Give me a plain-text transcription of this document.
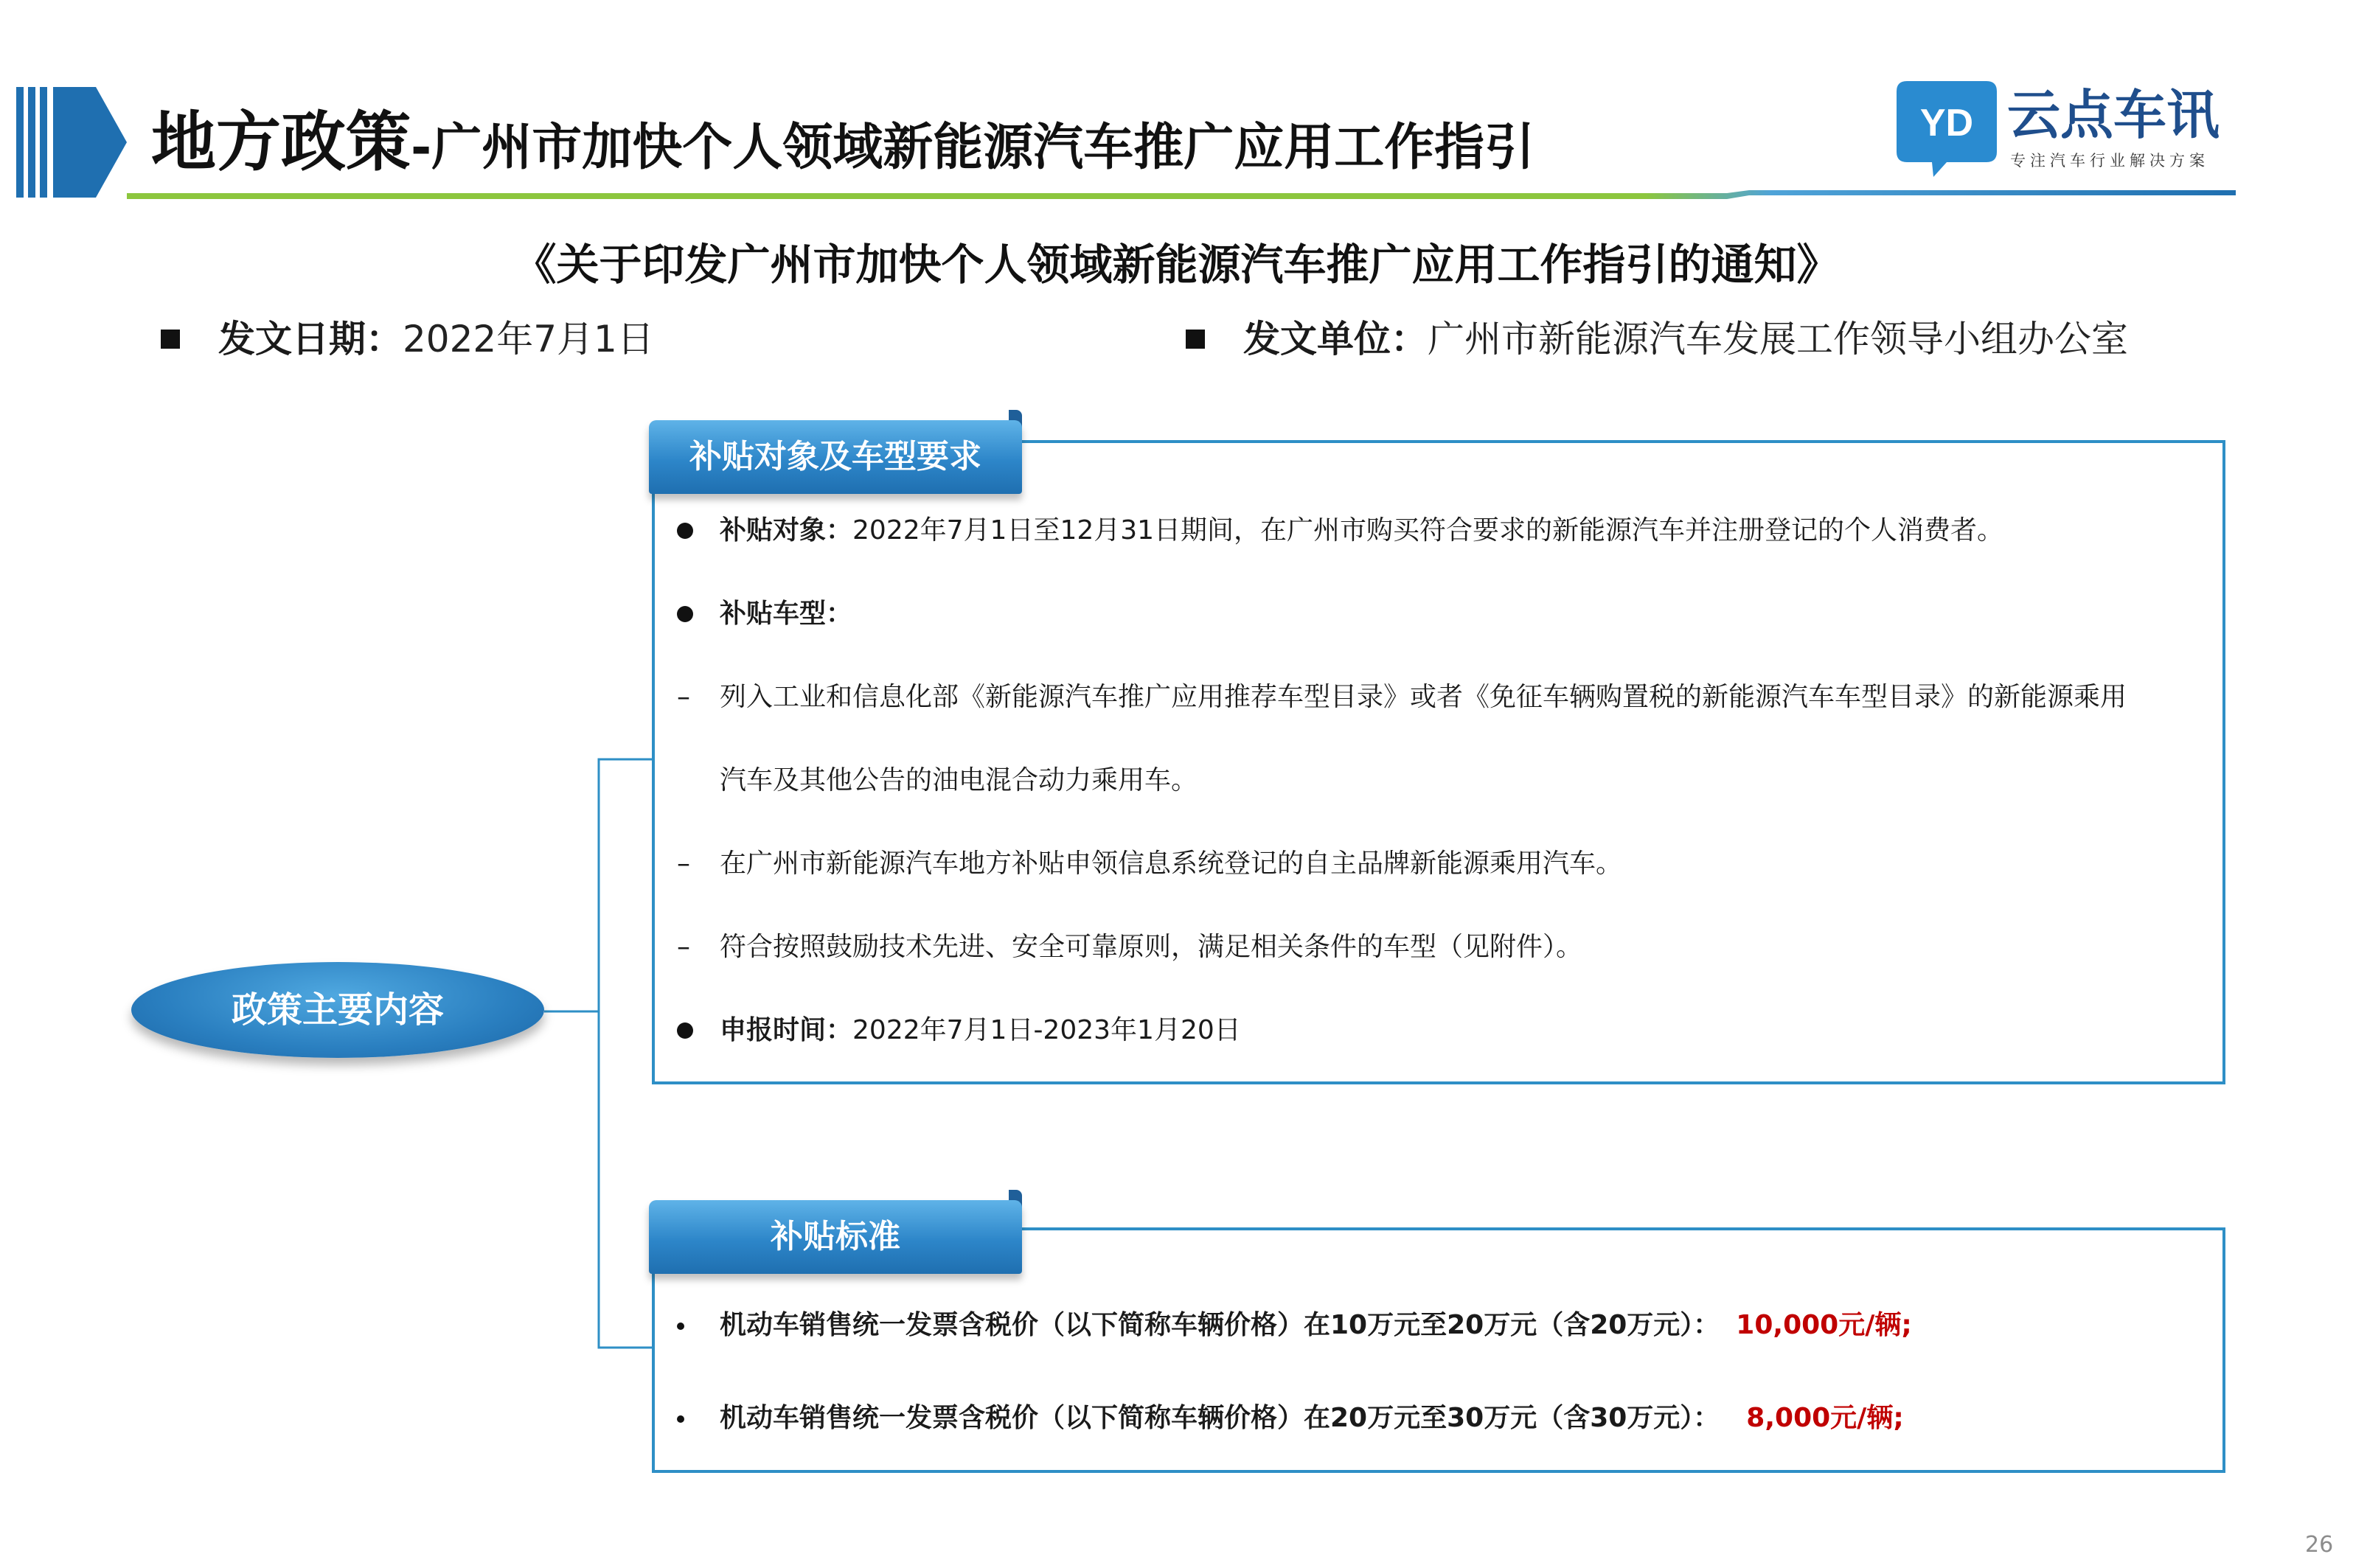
地方政策-广州市加快个人领域新能源汽车推广应用工作指引	YD 云点车讯
专注汽车行业解决方案
《关于印发广州市加快个人领域新能源汽车推广应用工作指引的通知》
发文日期：2022年7月1日	发文单位：广州市新能源汽车发展工作领导小组办公室
政策主要内容
补贴对象及车型要求
补贴对象：2022年7月1日至12月31日期间，在广州市购买符合要求的新能源汽车并注册登记的个人消费者。
补贴车型：
– 列入工业和信息化部《新能源汽车推广应用推荐车型目录》或者《免征车辆购置税的新能源汽车车型目录》的新能源乘用
汽车及其他公告的油电混合动力乘用车。
– 在广州市新能源汽车地方补贴申领信息系统登记的自主品牌新能源乘用汽车。
– 符合按照鼓励技术先进、安全可靠原则，满足相关条件的车型（见附件）。
申报时间：2022年7月1日-2023年1月20日
补贴标准
机动车销售统一发票含税价（以下简称车辆价格）在10万元至20万元（含20万元）： 10,000元/辆;
机动车销售统一发票含税价（以下简称车辆价格）在20万元至30万元（含30万元）： 8,000元/辆;
26
